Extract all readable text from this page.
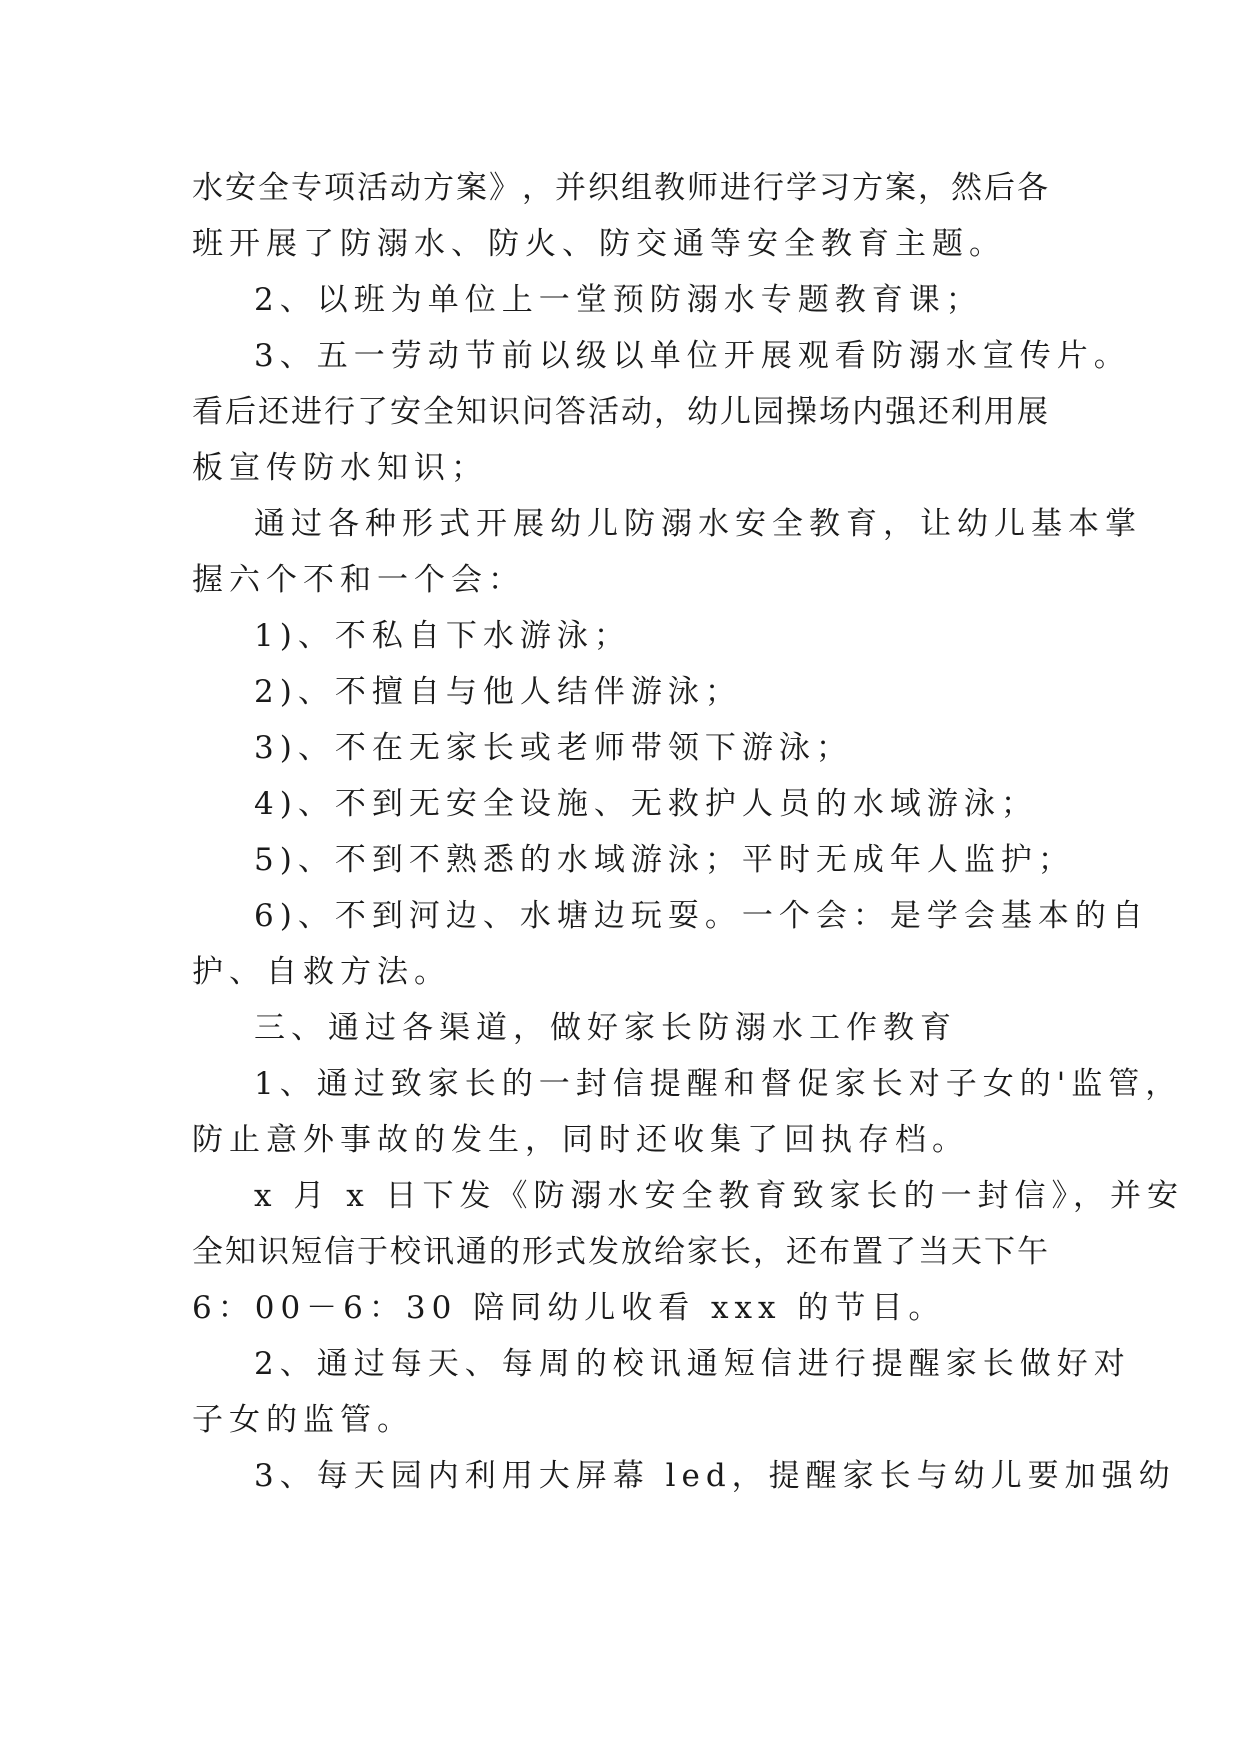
水 安 全 专 项 活 动 方 案 》 ， 并 织 组 教 师 进 行 学 习 方 案 ， 然 后 各
班开展了防溺水、防火、防交通等安全教育主题。
2、以班为单位上一堂预防溺水专题教育课；
3、五一劳动节前以级以单位开展观看防溺水宣传片。
看 后 还 进 行 了 安 全 知 识 问 答 活 动 ， 幼 儿 园 操 场 内 强 还 利 用 展
板宣传防水知识；
通过各种形式开展幼儿防溺水安全教育，让幼儿基本掌
握六个不和一个会：
1)、不私自下水游泳；
2)、不擅自与他人结伴游泳；
3)、不在无家长或老师带领下游泳；
4)、不到无安全设施、无救护人员的水域游泳；
5)、不到不熟悉的水域游泳；平时无成年人监护；
6)、不到河边、水塘边玩耍。一个会：是学会基本的自
护、自救方法。
三、通过各渠道，做好家长防溺水工作教育
1、通过致家长的一封信提醒和督促家长对子女的'监管，
防止意外事故的发生，同时还收集了回执存档。
x 月 x 日下发《防溺水安全教育致家长的一封信》，并安
全 知 识 短 信 于 校 讯 通 的 形 式 发 放 给 家 长 ， 还 布 置 了 当 天 下 午
6：00－6：30 陪同幼儿收看 xxx 的节目。
2、通过每天、每周的校讯通短信进行提醒家长做好对
子女的监管。
3、每天园内利用大屏幕 led，提醒家长与幼儿要加强幼
